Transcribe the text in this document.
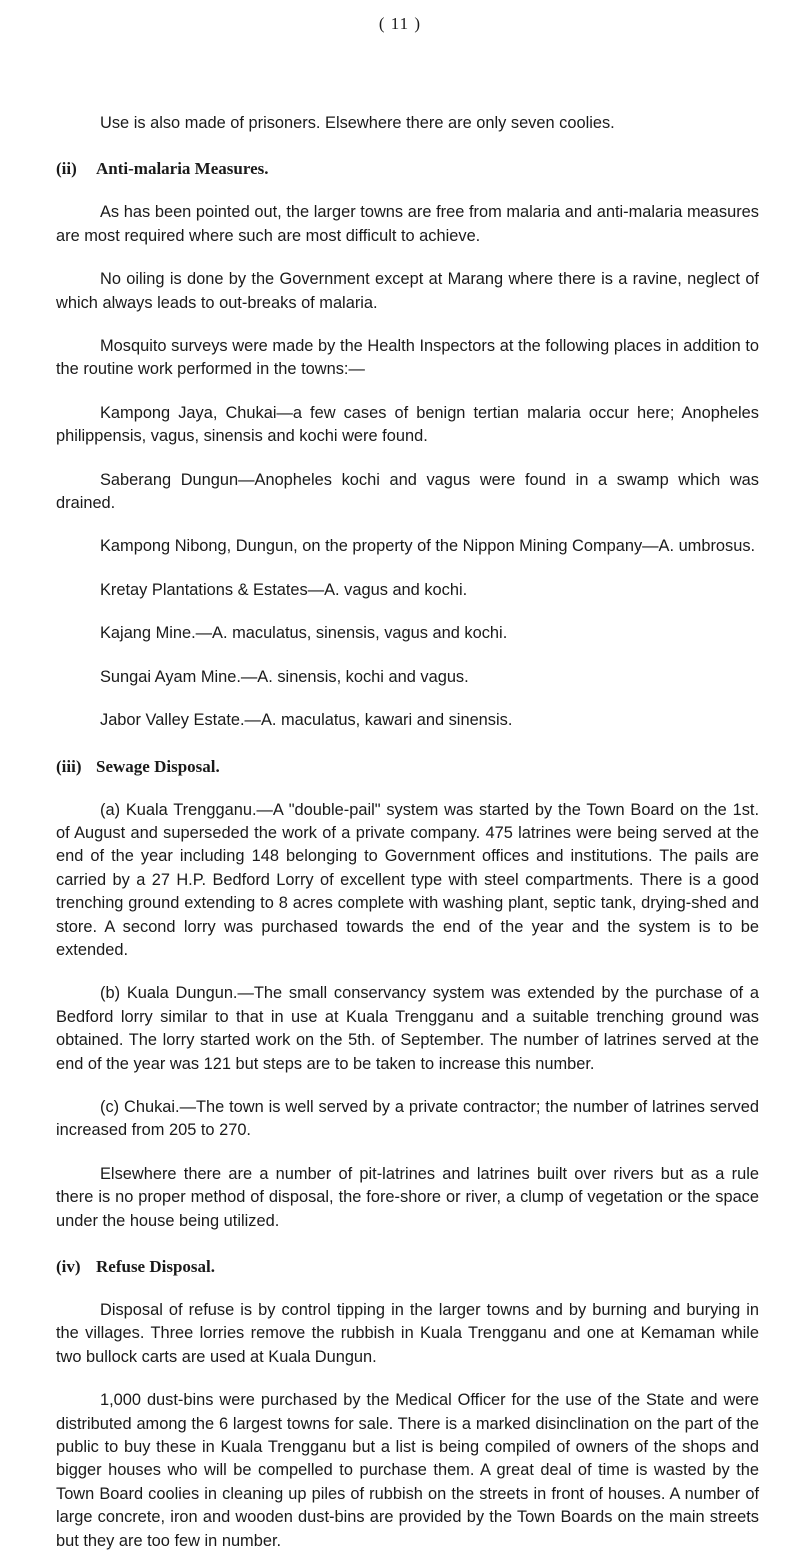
( 11 )

Use is also made of prisoners. Elsewhere there are only seven coolies.

(ii)	Anti-malaria Measures.

As has been pointed out, the larger towns are free from malaria and anti-malaria measures are most required where such are most difficult to achieve.

No oiling is done by the Government except at Marang where there is a ravine, neglect of which always leads to out-breaks of malaria.

Mosquito surveys were made by the Health Inspectors at the following places in addition to the routine work performed in the towns:—

Kampong Jaya, Chukai—a few cases of benign tertian malaria occur here; Anopheles philippensis, vagus, sinensis and kochi were found.

Saberang Dungun—Anopheles kochi and vagus were found in a swamp which was drained.

Kampong Nibong, Dungun, on the property of the Nippon Mining Company—A. umbrosus.

Kretay Plantations & Estates—A. vagus and kochi.

Kajang Mine.—A. maculatus, sinensis, vagus and kochi.

Sungai Ayam Mine.—A. sinensis, kochi and vagus.

Jabor Valley Estate.—A. maculatus, kawari and sinensis.

(iii) Sewage Disposal.

(a) Kuala Trengganu.—A "double-pail" system was started by the Town Board on the 1st. of August and superseded the work of a private company. 475 latrines were being served at the end of the year including 148 belonging to Government offices and institutions. The pails are carried by a 27 H.P. Bedford Lorry of excellent type with steel compartments. There is a good trenching ground extending to 8 acres complete with washing plant, septic tank, drying-shed and store. A second lorry was purchased towards the end of the year and the system is to be extended.

(b) Kuala Dungun.—The small conservancy system was extended by the purchase of a Bedford lorry similar to that in use at Kuala Trengganu and a suitable trenching ground was obtained. The lorry started work on the 5th. of September. The number of latrines served at the end of the year was 121 but steps are to be taken to increase this number.

(c) Chukai.—The town is well served by a private contractor; the number of latrines served increased from 205 to 270.

Elsewhere there are a number of pit-latrines and latrines built over rivers but as a rule there is no proper method of disposal, the fore-shore or river, a clump of vegetation or the space under the house being utilized.

(iv) Refuse Disposal.

Disposal of refuse is by control tipping in the larger towns and by burning and burying in the villages. Three lorries remove the rubbish in Kuala Trengganu and one at Kemaman while two bullock carts are used at Kuala Dungun.

1,000 dust-bins were purchased by the Medical Officer for the use of the State and were distributed among the 6 largest towns for sale. There is a marked disinclination on the part of the public to buy these in Kuala Trengganu but a list is being compiled of owners of the shops and bigger houses who will be compelled to purchase them. A great deal of time is wasted by the Town Board coolies in cleaning up piles of rubbish on the streets in front of houses. A number of large concrete, iron and wooden dust-bins are provided by the Town Boards on the main streets but they are too few in number.
